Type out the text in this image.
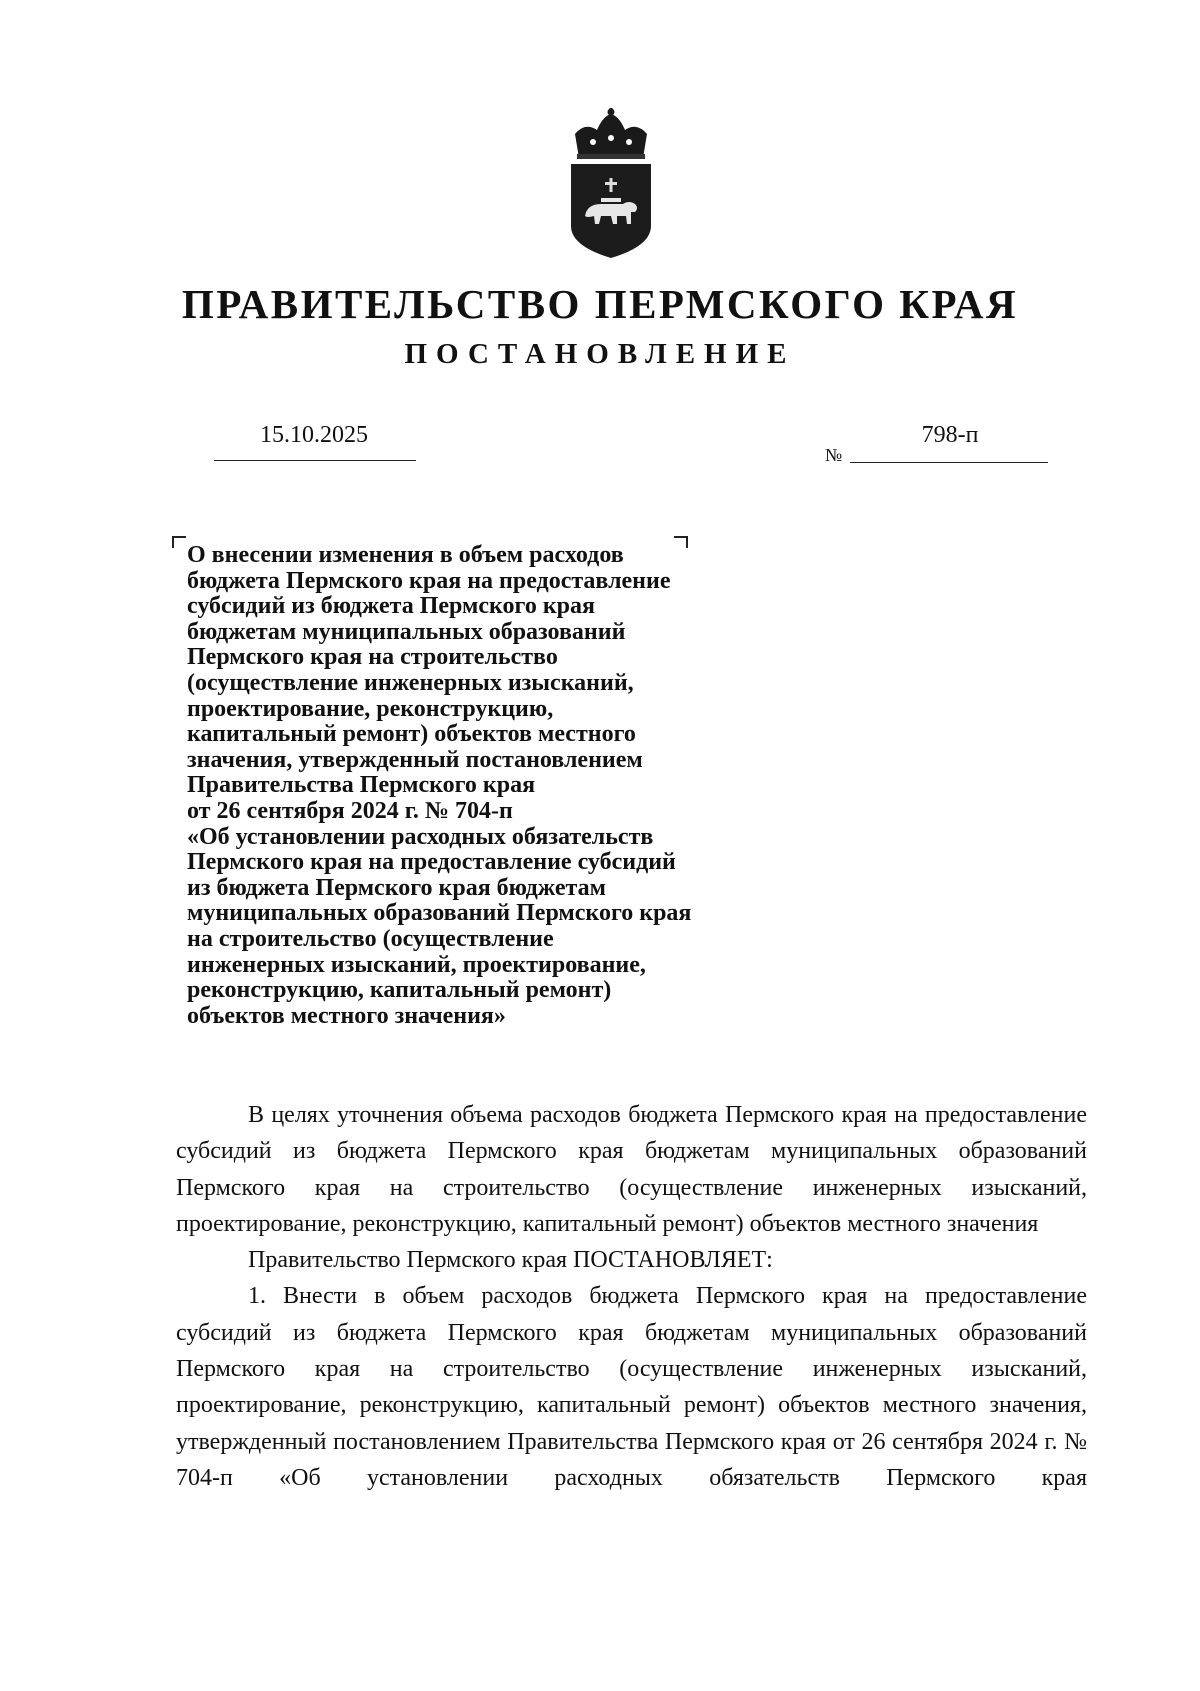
ПРАВИТЕЛЬСТВО ПЕРМСКОГО КРАЯ
ПОСТАНОВЛЕНИЕ
15.10.2025
№
798-п
О внесении изменения в объем расходов
бюджета Пермского края на предоставление
субсидий из бюджета Пермского края
бюджетам муниципальных образований
Пермского края на строительство
(осуществление инженерных изысканий,
проектирование, реконструкцию,
капитальный ремонт) объектов местного
значения, утвержденный постановлением
Правительства Пермского края
от 26 сентября 2024 г. № 704-п
«Об установлении расходных обязательств
Пермского края на предоставление субсидий
из бюджета Пермского края бюджетам
муниципальных образований Пермского края
на строительство (осуществление
инженерных изысканий, проектирование,
реконструкцию, капитальный ремонт)
объектов местного значения»

В целях уточнения объема расходов бюджета Пермского края на предоставление субсидий из бюджета Пермского края бюджетам муниципальных образований Пермского края на строительство (осуществление инженерных изысканий, проектирование, реконструкцию, капитальный ремонт) объектов местного значения

Правительство Пермского края ПОСТАНОВЛЯЕТ:

1. Внести в объем расходов бюджета Пермского края на предоставление субсидий из бюджета Пермского края бюджетам муниципальных образований Пермского края на строительство (осуществление инженерных изысканий, проектирование, реконструкцию, капитальный ремонт) объектов местного значения, утвержденный постановлением Правительства Пермского края от 26 сентября 2024 г. № 704-п «Об установлении расходных обязательств Пермского края
